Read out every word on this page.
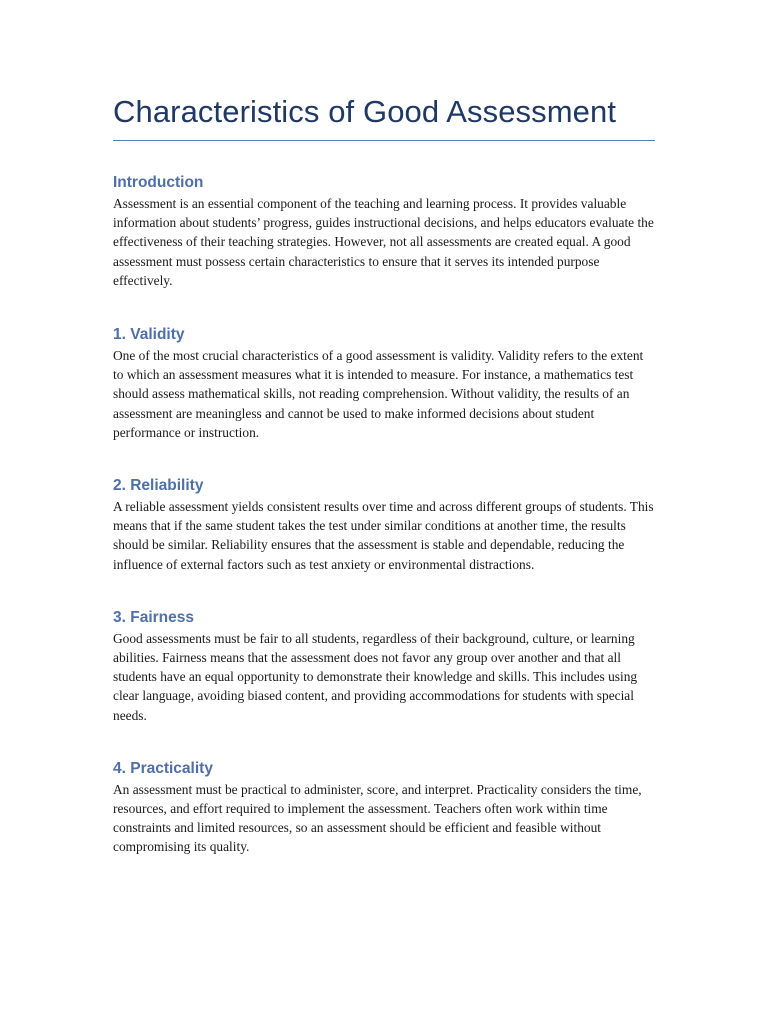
Characteristics of Good Assessment
Introduction

Assessment is an essential component of the teaching and learning process. It provides valuable information about students’ progress, guides instructional decisions, and helps educators evaluate the effectiveness of their teaching strategies. However, not all assessments are created equal. A good assessment must possess certain characteristics to ensure that it serves its intended purpose effectively.

1. Validity

One of the most crucial characteristics of a good assessment is validity. Validity refers to the extent to which an assessment measures what it is intended to measure. For instance, a mathematics test should assess mathematical skills, not reading comprehension. Without validity, the results of an assessment are meaningless and cannot be used to make informed decisions about student performance or instruction.

2. Reliability

A reliable assessment yields consistent results over time and across different groups of students. This means that if the same student takes the test under similar conditions at another time, the results should be similar. Reliability ensures that the assessment is stable and dependable, reducing the influence of external factors such as test anxiety or environmental distractions.

3. Fairness

Good assessments must be fair to all students, regardless of their background, culture, or learning abilities. Fairness means that the assessment does not favor any group over another and that all students have an equal opportunity to demonstrate their knowledge and skills. This includes using clear language, avoiding biased content, and providing accommodations for students with special needs.

4. Practicality

An assessment must be practical to administer, score, and interpret. Practicality considers the time, resources, and effort required to implement the assessment. Teachers often work within time constraints and limited resources, so an assessment should be efficient and feasible without compromising its quality.
